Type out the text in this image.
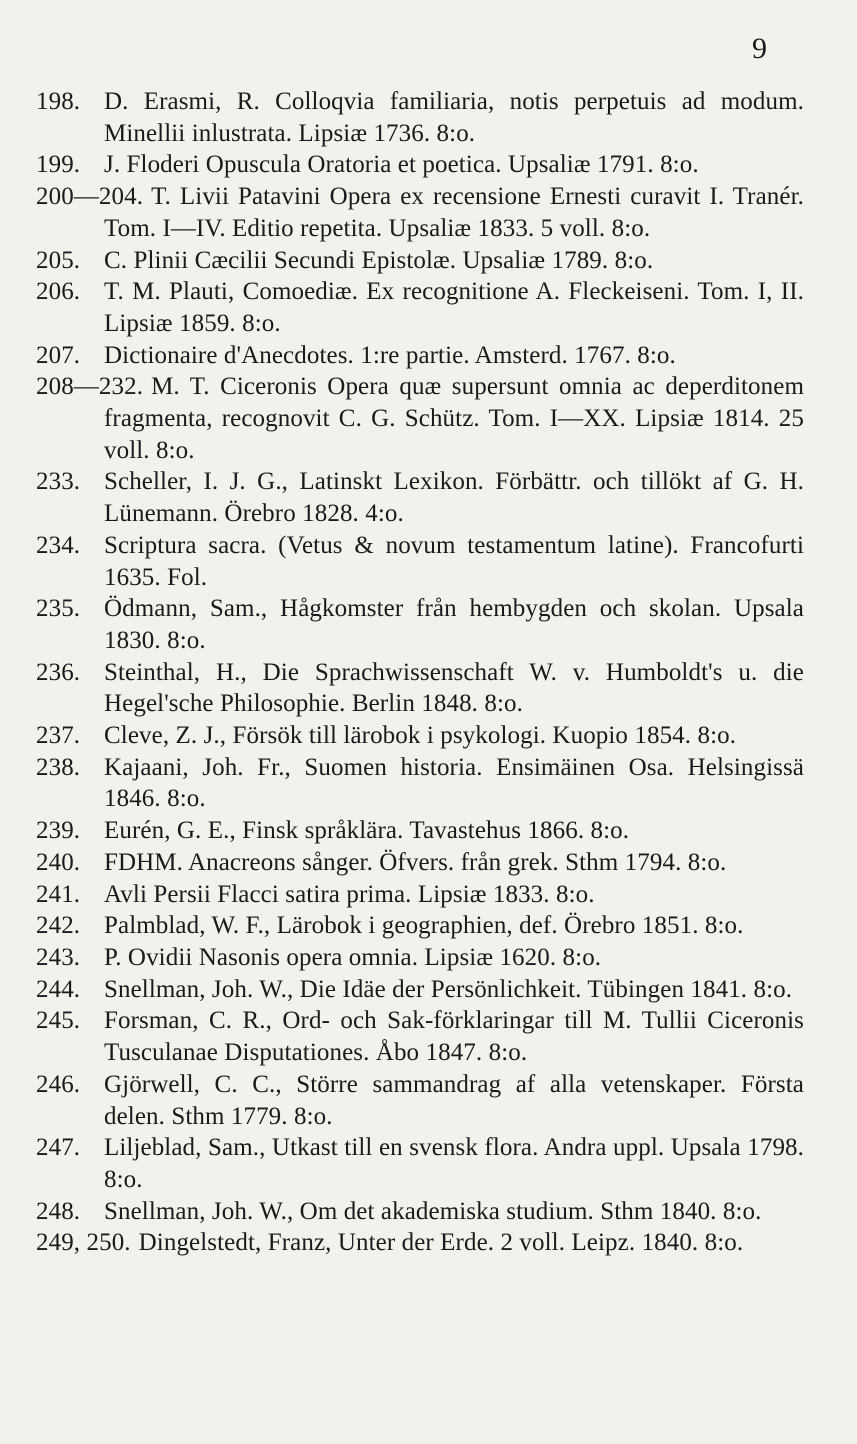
9
198. D. Erasmi, R. Colloqvia familiaria, notis perpetuis ad modum. Minellii inlustrata. Lipsiæ 1736. 8:o.
199. J. Floderi Opuscula Oratoria et poetica. Upsaliæ 1791. 8:o.
200—204. T. Livii Patavini Opera ex recensione Ernesti curavit I. Tranér. Tom. I—IV. Editio repetita. Upsaliæ 1833. 5 voll. 8:o.
205. C. Plinii Cæcilii Secundi Epistolæ. Upsaliæ 1789. 8:o.
206. T. M. Plauti, Comoediæ. Ex recognitione A. Fleckeiseni. Tom. I, II. Lipsiæ 1859. 8:o.
207. Dictionaire d'Anecdotes. 1:re partie. Amsterd. 1767. 8:o.
208—232. M. T. Ciceronis Opera quæ supersunt omnia ac deperditonem fragmenta, recognovit C. G. Schütz. Tom. I—XX. Lipsiæ 1814. 25 voll. 8:o.
233. Scheller, I. J. G., Latinskt Lexikon. Förbättr. och tillökt af G. H. Lünemann. Örebro 1828. 4:o.
234. Scriptura sacra. (Vetus & novum testamentum latine). Francofurti 1635. Fol.
235. Ödmann, Sam., Hågkomster från hembygden och skolan. Upsala 1830. 8:o.
236. Steinthal, H., Die Sprachwissenschaft W. v. Humboldt's u. die Hegel'sche Philosophie. Berlin 1848. 8:o.
237. Cleve, Z. J., Försök till lärobok i psykologi. Kuopio 1854. 8:o.
238. Kajaani, Joh. Fr., Suomen historia. Ensimäinen Osa. Helsingissä 1846. 8:o.
239. Eurén, G. E., Finsk språklära. Tavastehus 1866. 8:o.
240. FDHM. Anacreons sånger. Öfvers. från grek. Sthm 1794. 8:o.
241. Avli Persii Flacci satira prima. Lipsiæ 1833. 8:o.
242. Palmblad, W. F., Lärobok i geographien, def. Örebro 1851. 8:o.
243. P. Ovidii Nasonis opera omnia. Lipsiæ 1620. 8:o.
244. Snellman, Joh. W., Die Idäe der Persönlichkeit. Tübingen 1841. 8:o.
245. Forsman, C. R., Ord- och Sak-förklaringar till M. Tullii Ciceronis Tusculanae Disputationes. Åbo 1847. 8:o.
246. Gjörwell, C. C., Större sammandrag af alla vetenskaper. Första delen. Sthm 1779. 8:o.
247. Liljeblad, Sam., Utkast till en svensk flora. Andra uppl. Upsala 1798. 8:o.
248. Snellman, Joh. W., Om det akademiska studium. Sthm 1840. 8:o.
249, 250. Dingelstedt, Franz, Unter der Erde. 2 voll. Leipz. 1840. 8:o.
